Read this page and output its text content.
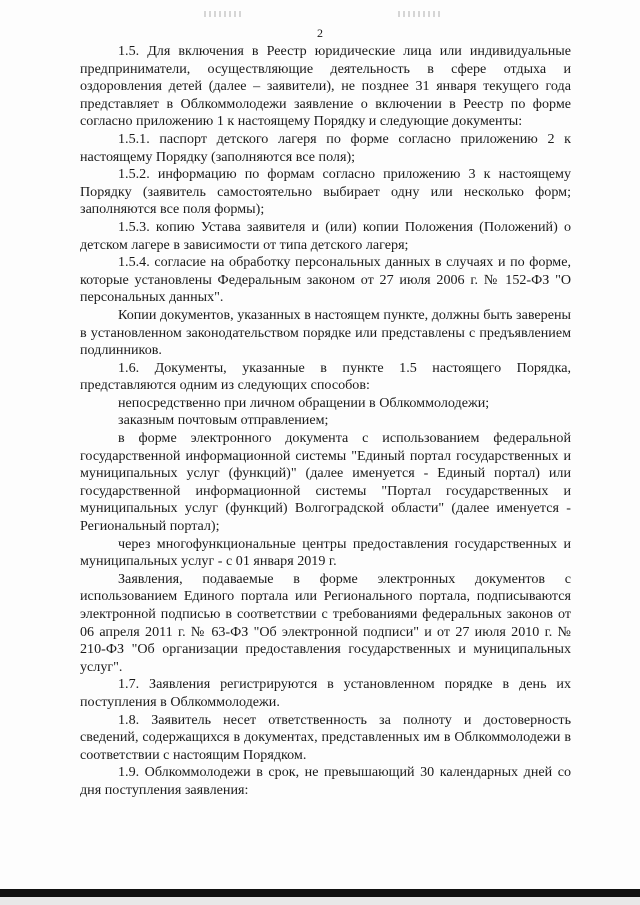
2

1.5. Для включения в Реестр юридические лица или индивидуальные предприниматели, осуществляющие деятельность в сфере отдыха и оздоровления детей (далее – заявители), не позднее 31 января текущего года представляет в Облкоммолодежи заявление о включении в Реестр по форме согласно приложению 1 к настоящему Порядку и следующие документы:

1.5.1. паспорт детского лагеря по форме согласно приложению 2 к настоящему Порядку (заполняются все поля);

1.5.2. информацию по формам согласно приложению 3 к настоящему Порядку (заявитель самостоятельно выбирает одну или несколько форм; заполняются все поля формы);

1.5.3. копию Устава заявителя и (или) копии Положения (Положений) о детском лагере в зависимости от типа детского лагеря;

1.5.4. согласие на обработку персональных данных в случаях и по форме, которые установлены Федеральным законом от 27 июля 2006 г. № 152-ФЗ "О персональных данных".

Копии документов, указанных в настоящем пункте, должны быть заверены в установленном законодательством порядке или представлены с предъявлением подлинников.

1.6. Документы, указанные в пункте 1.5 настоящего Порядка, представляются одним из следующих способов:

непосредственно при личном обращении в Облкоммолодежи;

заказным почтовым отправлением;

в форме электронного документа с использованием федеральной государственной информационной системы "Единый портал государственных и муниципальных услуг (функций)" (далее именуется - Единый портал) или государственной информационной системы "Портал государственных и муниципальных услуг (функций) Волгоградской области" (далее именуется - Региональный портал);

через многофункциональные центры предоставления государственных и муниципальных услуг - с 01 января 2019 г.

Заявления, подаваемые в форме электронных документов с использованием Единого портала или Регионального портала, подписываются электронной подписью в соответствии с требованиями федеральных законов от 06 апреля 2011 г. № 63-ФЗ "Об электронной подписи" и от 27 июля 2010 г. № 210-ФЗ "Об организации предоставления государственных и муниципальных услуг".

1.7. Заявления регистрируются в установленном порядке в день их поступления в Облкоммолодежи.

1.8. Заявитель несет ответственность за полноту и достоверность сведений, содержащихся в документах, представленных им в Облкоммолодежи в соответствии с настоящим Порядком.

1.9. Облкоммолодежи в срок, не превышающий 30 календарных дней со дня поступления заявления:
